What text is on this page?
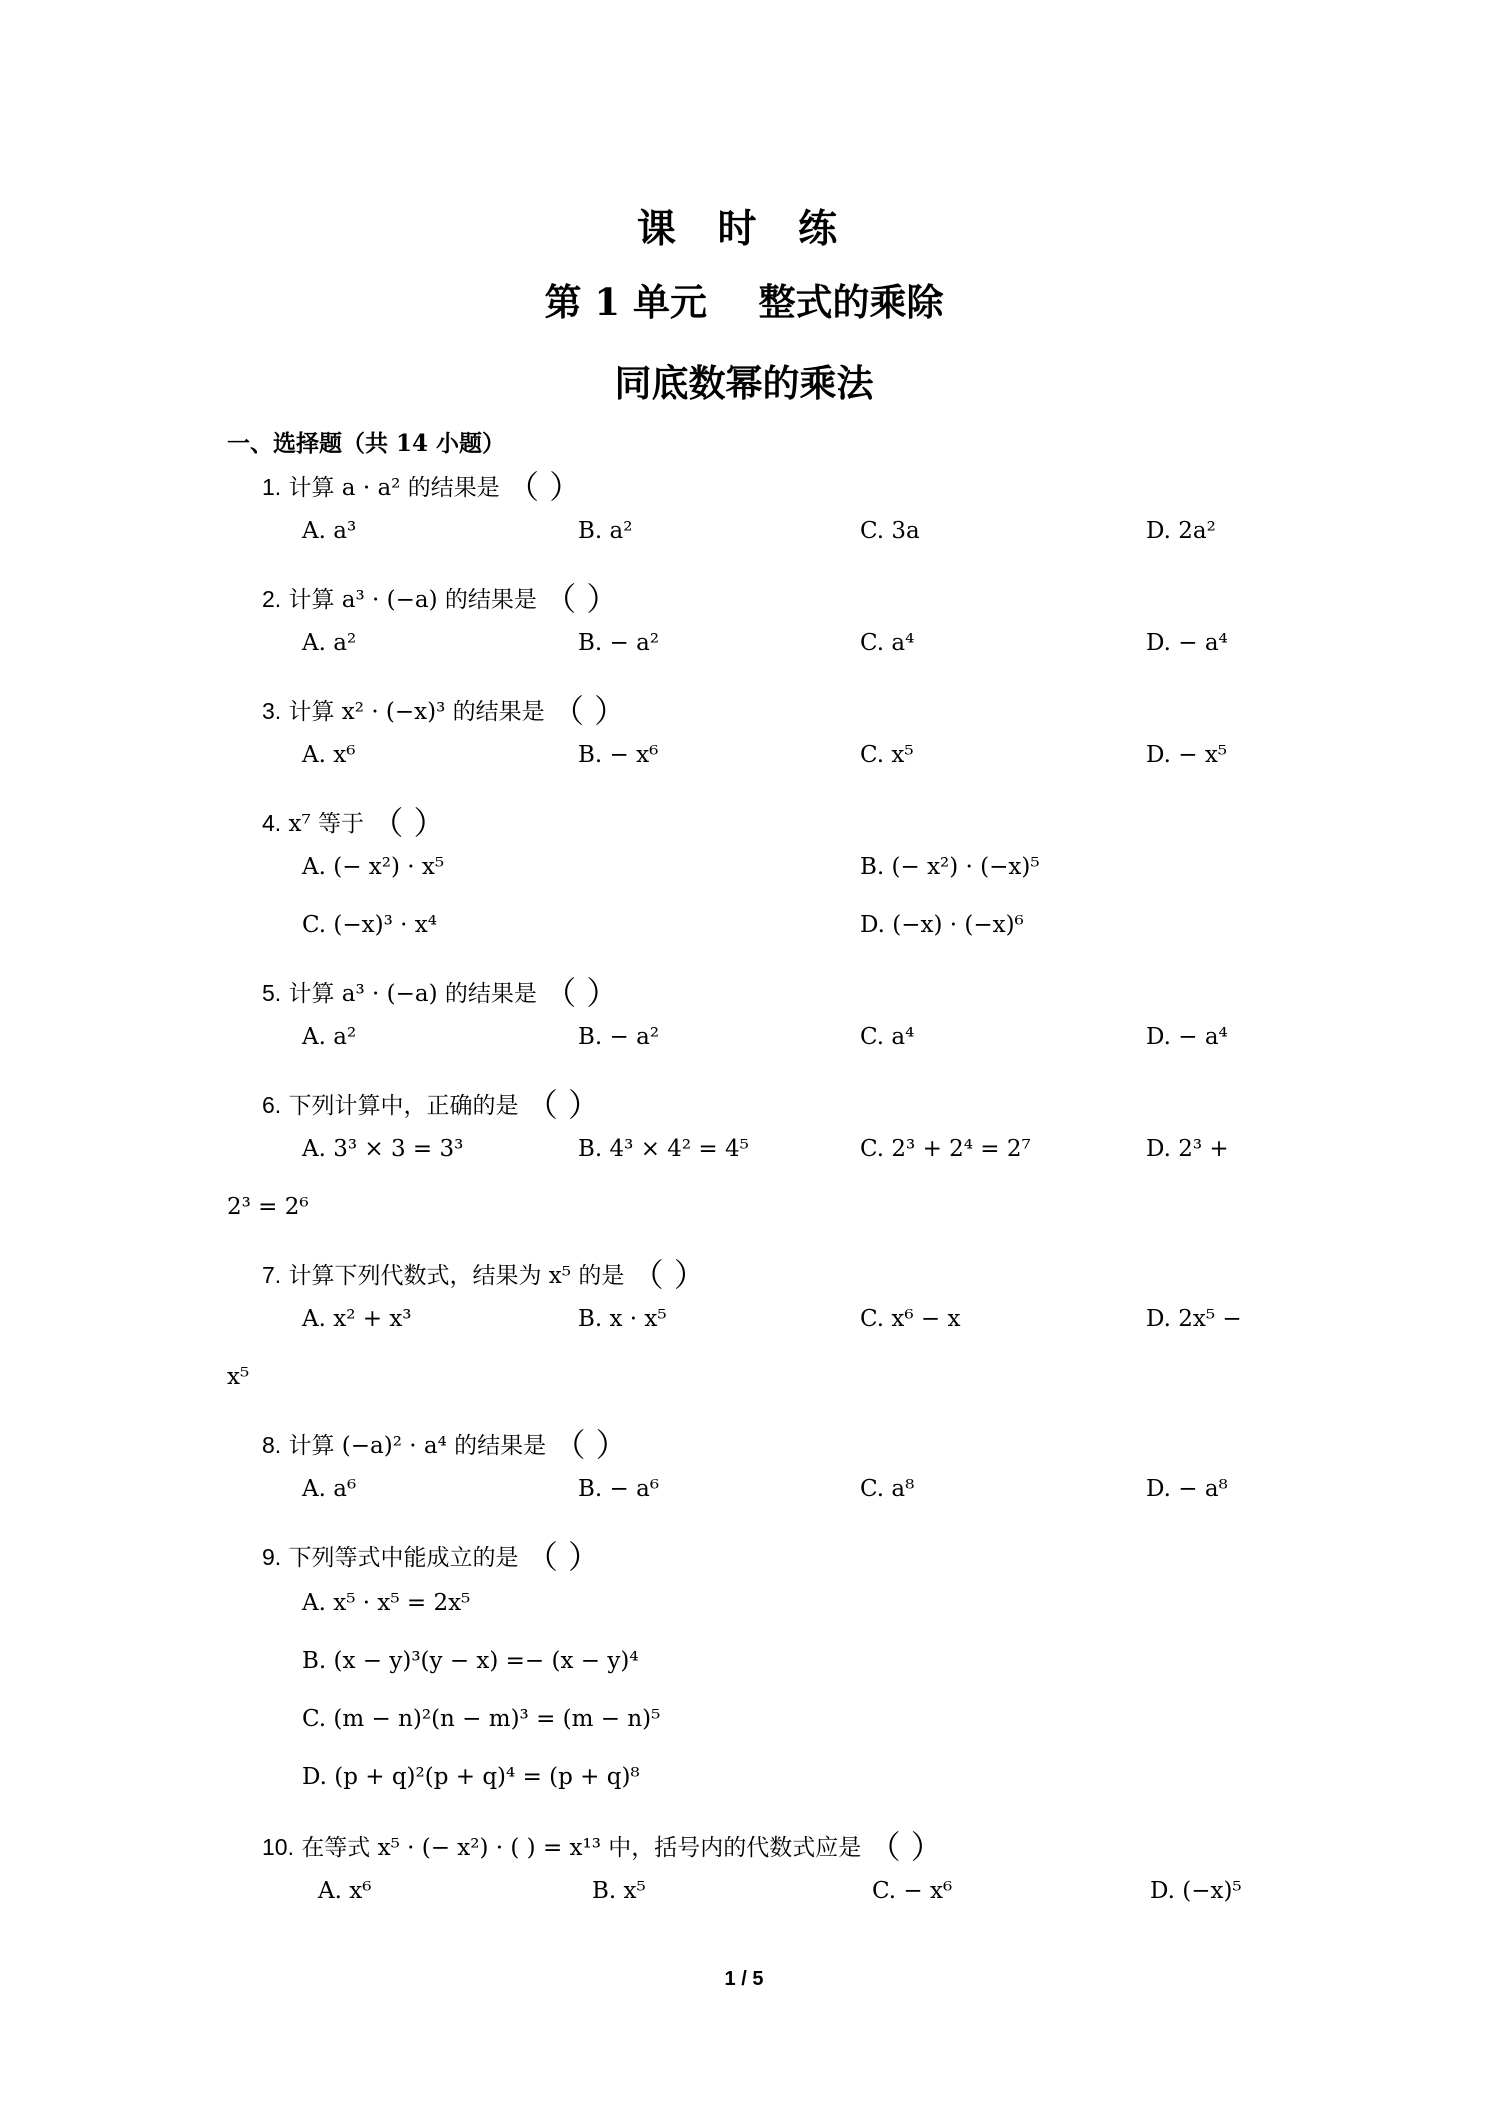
课 时 练
第 1 单元    整式的乘除
同底数幂的乘法
一、选择题（共 14 小题）
1. 计算 a · a² 的结果是 （ ）
A. a³	B. a²	C. 3a	D. 2a²
2. 计算 a³ · (−a) 的结果是 （ ）
A. a²	B. − a²	C. a⁴	D. − a⁴
3. 计算 x² · (−x)³ 的结果是 （ ）
A. x⁶	B. − x⁶	C. x⁵	D. − x⁵
4. x⁷ 等于 （ ）
A. (− x²) · x⁵	B. (− x²) · (−x)⁵
C. (−x)³ · x⁴	D. (−x) · (−x)⁶
5. 计算 a³ · (−a) 的结果是 （ ）
A. a²	B. − a²	C. a⁴	D. − a⁴
6. 下列计算中，正确的是 （ ）
A. 3³ × 3 = 3³	B. 4³ × 4² = 4⁵	C. 2³ + 2⁴ = 2⁷	D. 2³ +
2³ = 2⁶
7. 计算下列代数式，结果为 x⁵ 的是 （ ）
A. x² + x³	B. x · x⁵	C. x⁶ − x	D. 2x⁵ −
x⁵
8. 计算 (−a)² · a⁴ 的结果是 （ ）
A. a⁶	B. − a⁶	C. a⁸	D. − a⁸
9. 下列等式中能成立的是 （ ）
A. x⁵ · x⁵ = 2x⁵
B. (x − y)³(y − x) =− (x − y)⁴
C. (m − n)²(n − m)³ = (m − n)⁵
D. (p + q)²(p + q)⁴ = (p + q)⁸
10. 在等式 x⁵ · (− x²) · ( ) = x¹³ 中，括号内的代数式应是 （ ）
A. x⁶	B. x⁵	C. − x⁶	D. (−x)⁵
1 / 5
